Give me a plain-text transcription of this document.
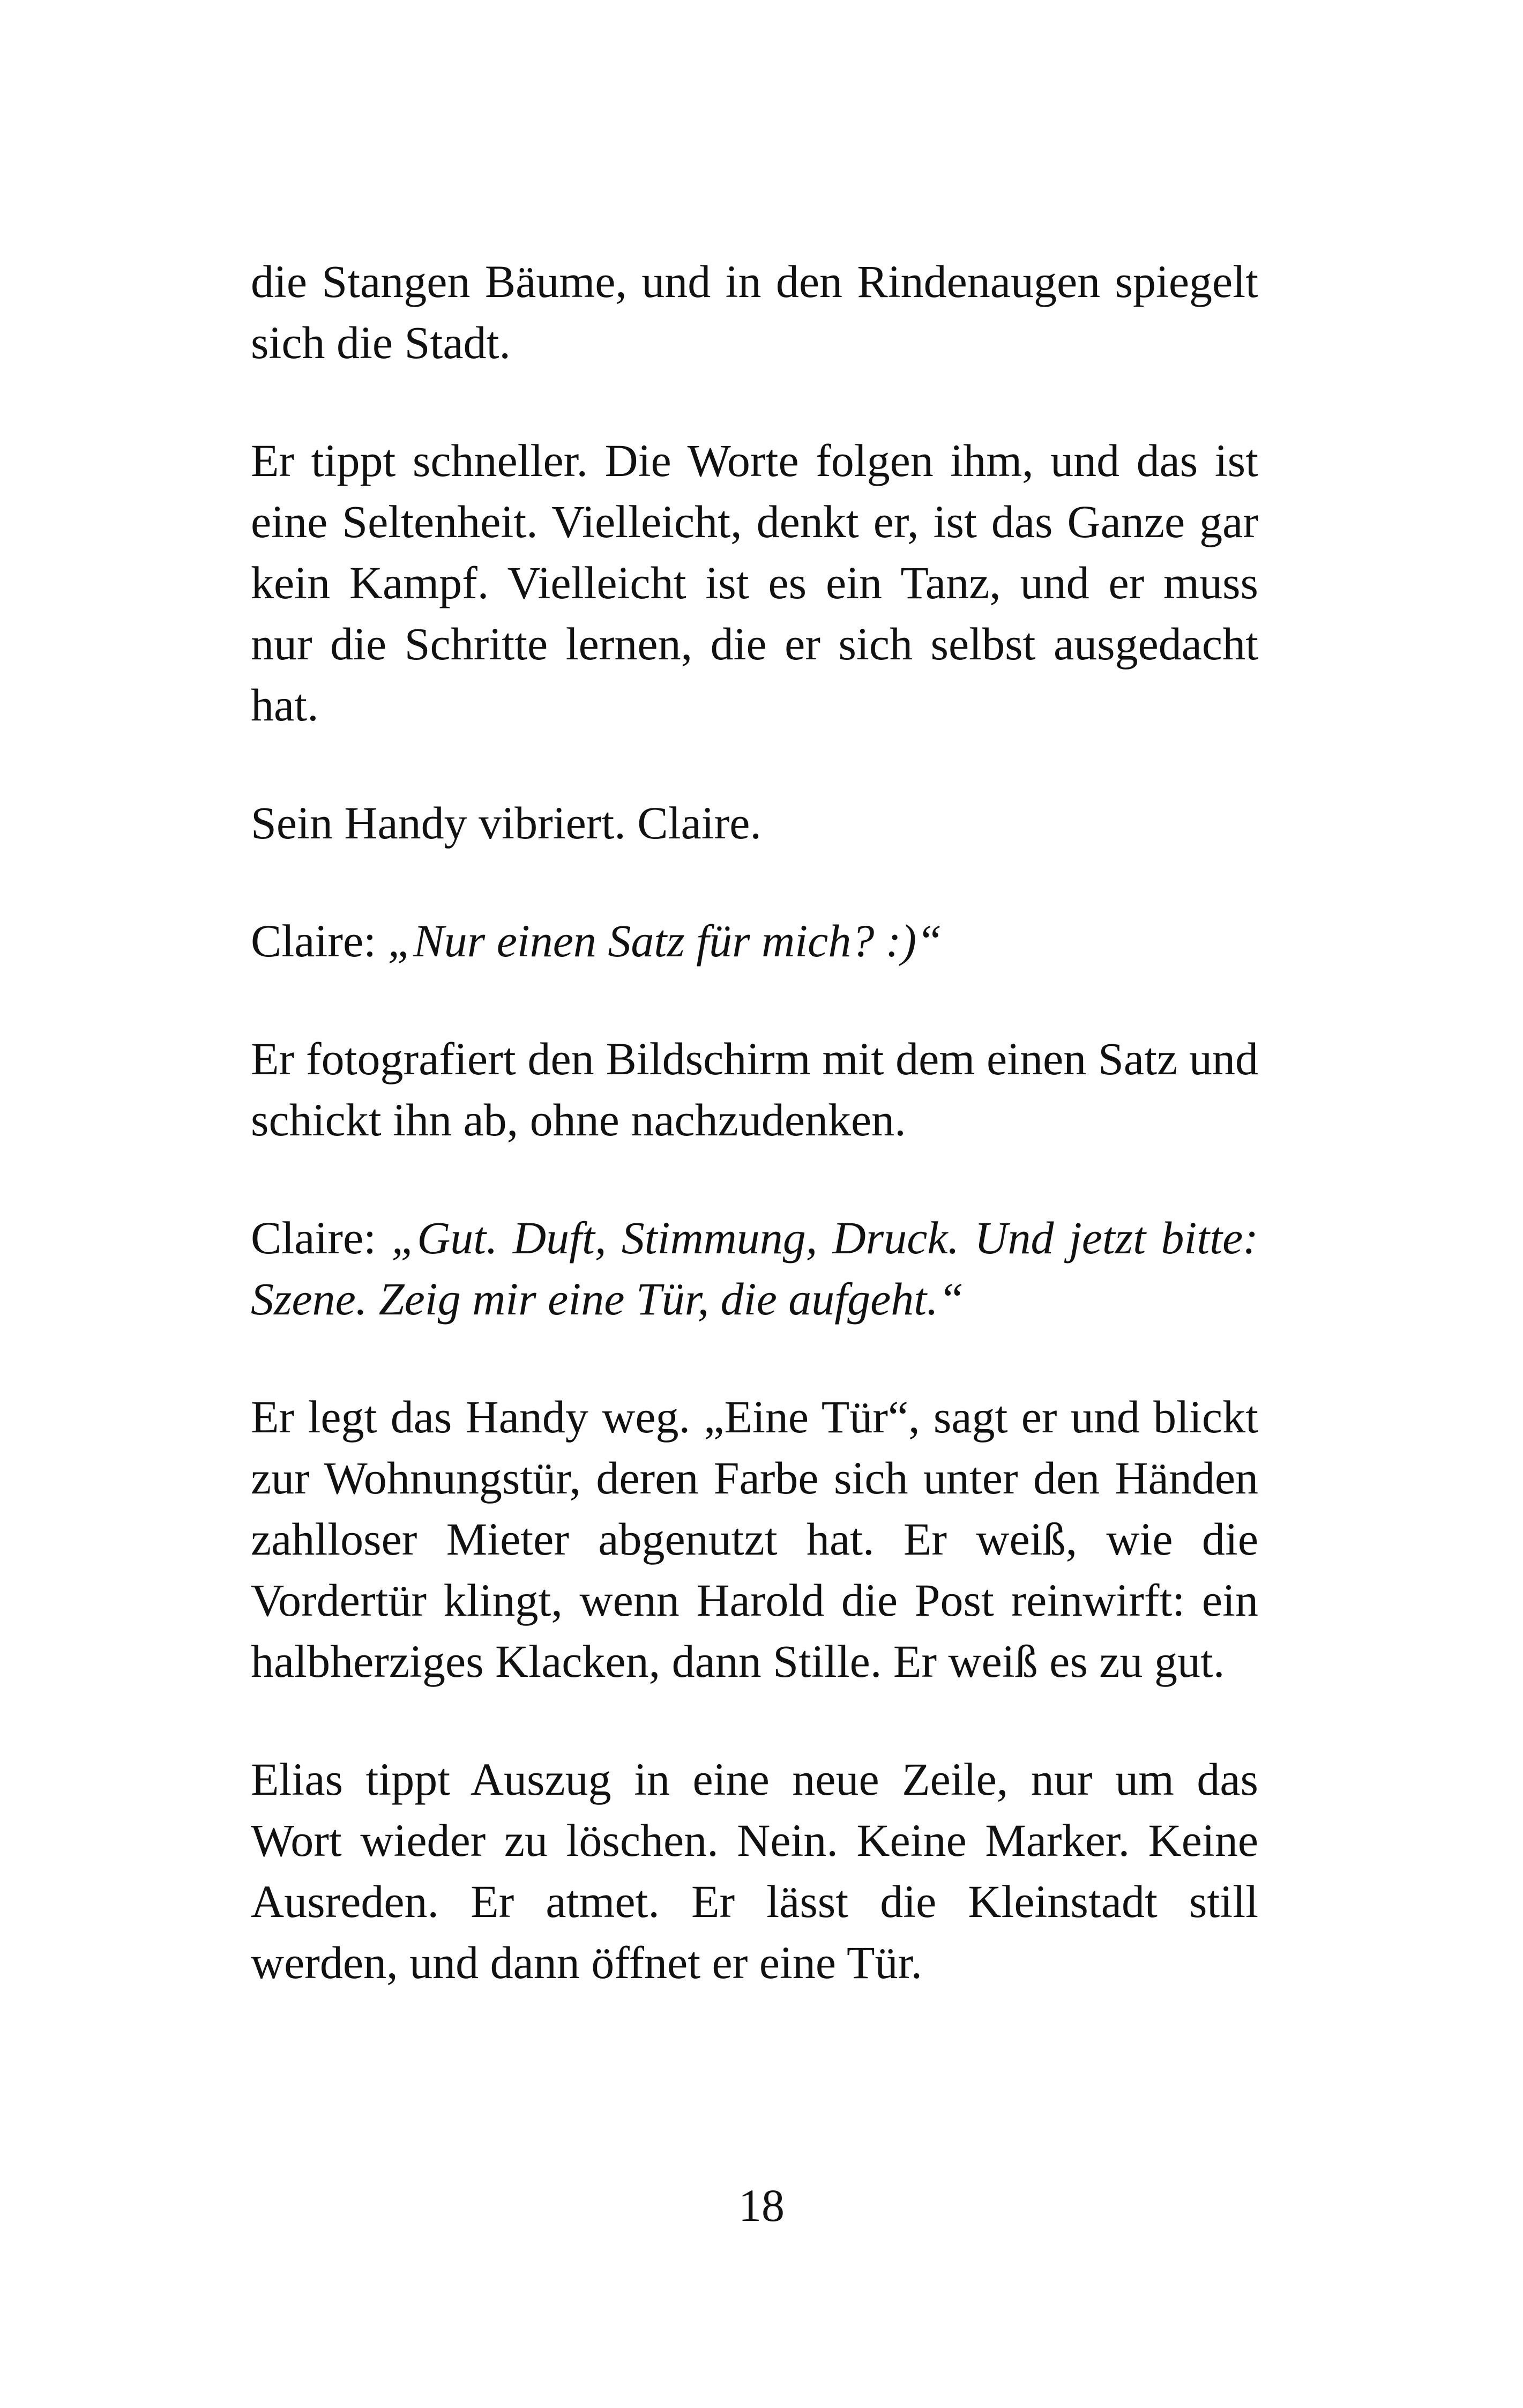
die Stangen Bäume, und in den Rindenaugen spiegelt sich die Stadt.

Er tippt schneller. Die Worte folgen ihm, und das ist eine Seltenheit. Vielleicht, denkt er, ist das Ganze gar kein Kampf. Vielleicht ist es ein Tanz, und er muss nur die Schritte lernen, die er sich selbst ausgedacht hat.

Sein Handy vibriert. Claire.

Claire: „Nur einen Satz für mich? :)“

Er fotografiert den Bildschirm mit dem einen Satz und schickt ihn ab, ohne nachzudenken.

Claire: „Gut. Duft, Stimmung, Druck. Und jetzt bitte: Szene. Zeig mir eine Tür, die aufgeht.“

Er legt das Handy weg. „Eine Tür“, sagt er und blickt zur Wohnungstür, deren Farbe sich unter den Händen zahlloser Mieter abgenutzt hat. Er weiß, wie die Vordertür klingt, wenn Harold die Post reinwirft: ein halbherziges Klacken, dann Stille. Er weiß es zu gut.

Elias tippt Auszug in eine neue Zeile, nur um das Wort wieder zu löschen. Nein. Keine Marker. Keine Ausreden. Er atmet. Er lässt die Kleinstadt still werden, und dann öffnet er eine Tür.

18
